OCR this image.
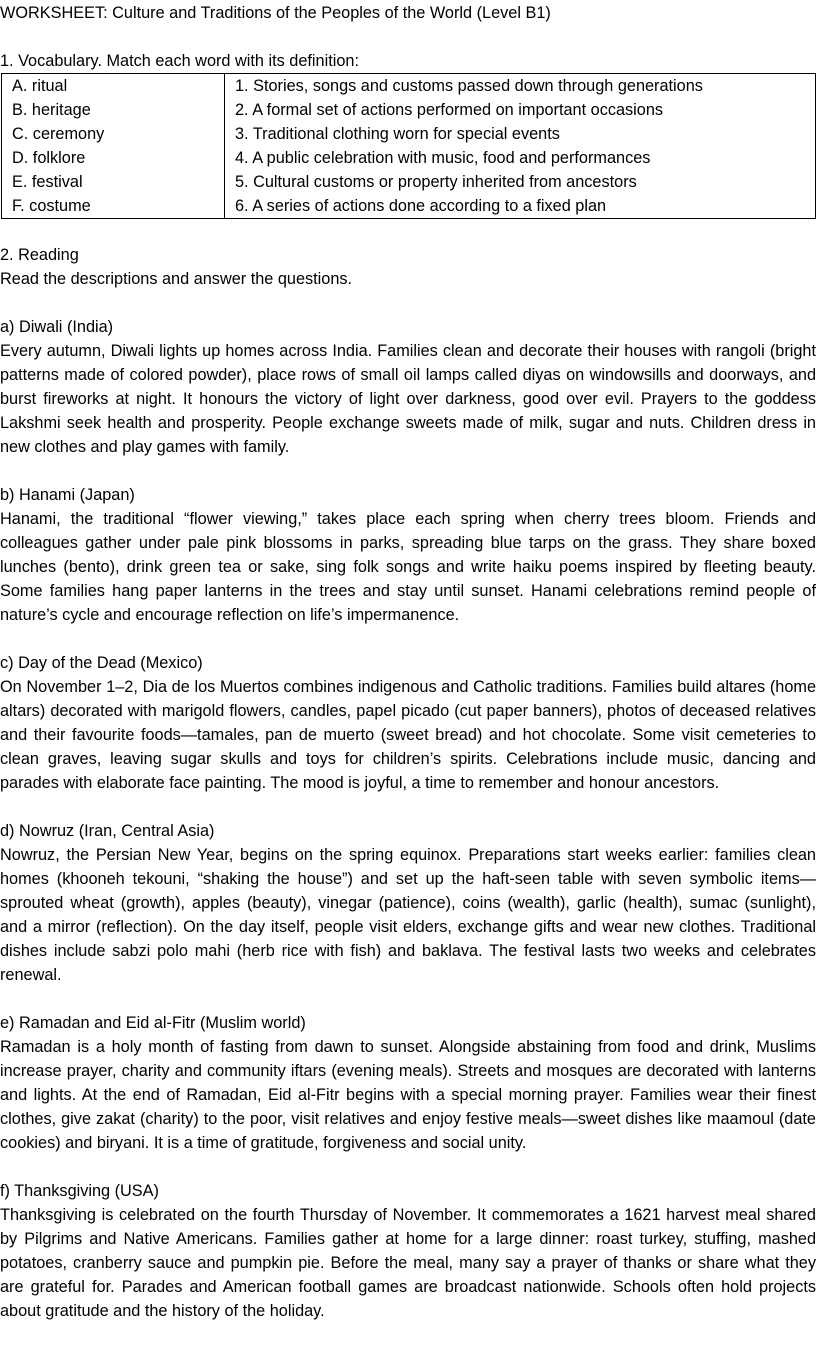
WORKSHEET: Culture and Traditions of the Peoples of the World (Level B1)

1. Vocabulary. Match each word with its definition:

A. ritual	1. Stories, songs and customs passed down through generations
B. heritage	2. A formal set of actions performed on important occasions
C. ceremony	3. Traditional clothing worn for special events
D. folklore	4. A public celebration with music, food and performances
E. festival	5. Cultural customs or property inherited from ancestors
F. costume	6. A series of actions done according to a fixed plan

2. Reading

Read the descriptions and answer the questions.

a) Diwali (India)

Every autumn, Diwali lights up homes across India. Families clean and decorate their houses with rangoli (bright patterns made of colored powder), place rows of small oil lamps called diyas on windowsills and doorways, and burst fireworks at night. It honours the victory of light over darkness, good over evil. Prayers to the goddess Lakshmi seek health and prosperity. People exchange sweets made of milk, sugar and nuts. Children dress in new clothes and play games with family.

b) Hanami (Japan)

Hanami, the traditional “flower viewing,” takes place each spring when cherry trees bloom. Friends and colleagues gather under pale pink blossoms in parks, spreading blue tarps on the grass. They share boxed lunches (bento), drink green tea or sake, sing folk songs and write haiku poems inspired by fleeting beauty. Some families hang paper lanterns in the trees and stay until sunset. Hanami celebrations remind people of nature’s cycle and encourage reflection on life’s impermanence.

c) Day of the Dead (Mexico)

On November 1–2, Dia de los Muertos combines indigenous and Catholic traditions. Families build altares (home altars) decorated with marigold flowers, candles, papel picado (cut paper banners), photos of deceased relatives and their favourite foods—tamales, pan de muerto (sweet bread) and hot chocolate. Some visit cemeteries to clean graves, leaving sugar skulls and toys for children’s spirits. Celebrations include music, dancing and parades with elaborate face painting. The mood is joyful, a time to remember and honour ancestors.

d) Nowruz (Iran, Central Asia)

Nowruz, the Persian New Year, begins on the spring equinox. Preparations start weeks earlier: families clean homes (khooneh tekouni, “shaking the house”) and set up the haft-seen table with seven symbolic items—sprouted wheat (growth), apples (beauty), vinegar (patience), coins (wealth), garlic (health), sumac (sunlight), and a mirror (reflection). On the day itself, people visit elders, exchange gifts and wear new clothes. Traditional dishes include sabzi polo mahi (herb rice with fish) and baklava. The festival lasts two weeks and celebrates renewal.

e) Ramadan and Eid al-Fitr (Muslim world)

Ramadan is a holy month of fasting from dawn to sunset. Alongside abstaining from food and drink, Muslims increase prayer, charity and community iftars (evening meals). Streets and mosques are decorated with lanterns and lights. At the end of Ramadan, Eid al-Fitr begins with a special morning prayer. Families wear their finest clothes, give zakat (charity) to the poor, visit relatives and enjoy festive meals—sweet dishes like maamoul (date cookies) and biryani. It is a time of gratitude, forgiveness and social unity.

f) Thanksgiving (USA)

Thanksgiving is celebrated on the fourth Thursday of November. It commemorates a 1621 harvest meal shared by Pilgrims and Native Americans. Families gather at home for a large dinner: roast turkey, stuffing, mashed potatoes, cranberry sauce and pumpkin pie. Before the meal, many say a prayer of thanks or share what they are grateful for. Parades and American football games are broadcast nationwide. Schools often hold projects about gratitude and the history of the holiday.
